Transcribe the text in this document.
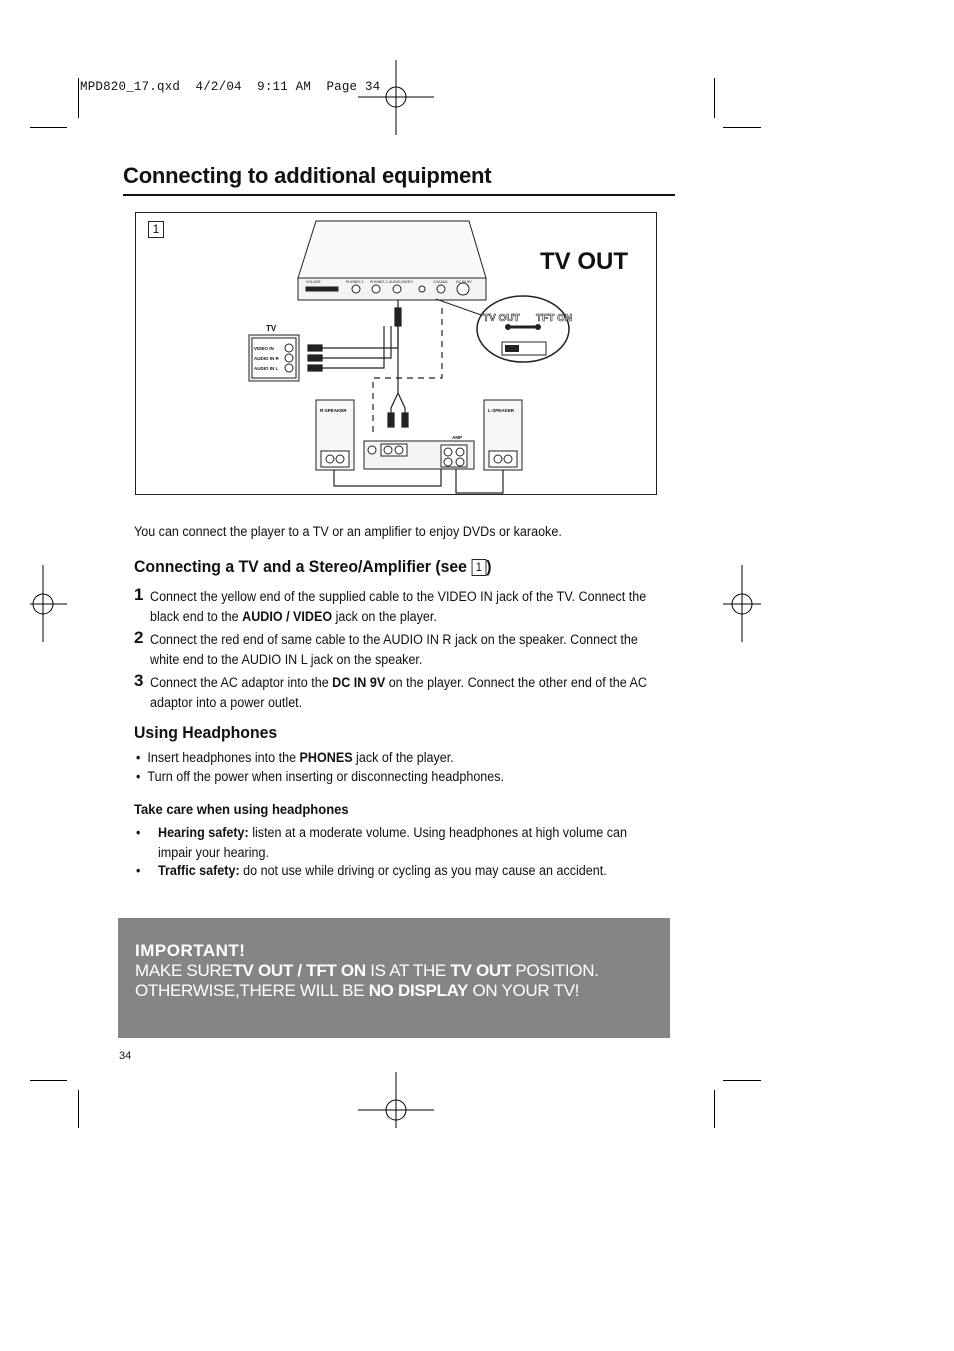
MPD820_17.qxd  4/2/04  9:11 AM  Page 34
Connecting to additional equipment
VOLUME	PHONES 1 PHONES 2 AUDIO/VIDEO	COAXIAL DC IN 9V
TV OUT
TV OUT TFT ON
TV
VIDEO IN
AUDIO IN R
AUDIO IN L
R-SPEAKER	L-SPEAKER
AMP
1
You can connect the player to a TV or an amplifier to enjoy DVDs or karaoke.
Connecting a TV and a Stereo/Amplifier (see 1 )
1 Connect the yellow end of the supplied cable to the VIDEO IN jack of the TV. Connect the black end to the AUDIO / VIDEO jack on the player.
2 Connect the red end of same cable to the AUDIO IN R jack on the speaker. Connect the white end to the AUDIO IN L jack on the speaker.
3 Connect the AC adaptor into the DC IN 9V on the player. Connect the other end of the AC adaptor into a power outlet.
Using Headphones
•  Insert headphones into the PHONES jack of the player.
•  Turn off the power when inserting or disconnecting headphones.
Take care when using headphones
• Hearing safety: listen at a moderate volume. Using headphones at high volume can impair your hearing.
• Traffic safety: do not use while driving or cycling as you may cause an accident.
IMPORTANT!
MAKE SURETV OUT / TFT ON IS AT THE TV OUT POSITION.
OTHERWISE,THERE WILL BE NO DISPLAY ON YOUR TV!
34
